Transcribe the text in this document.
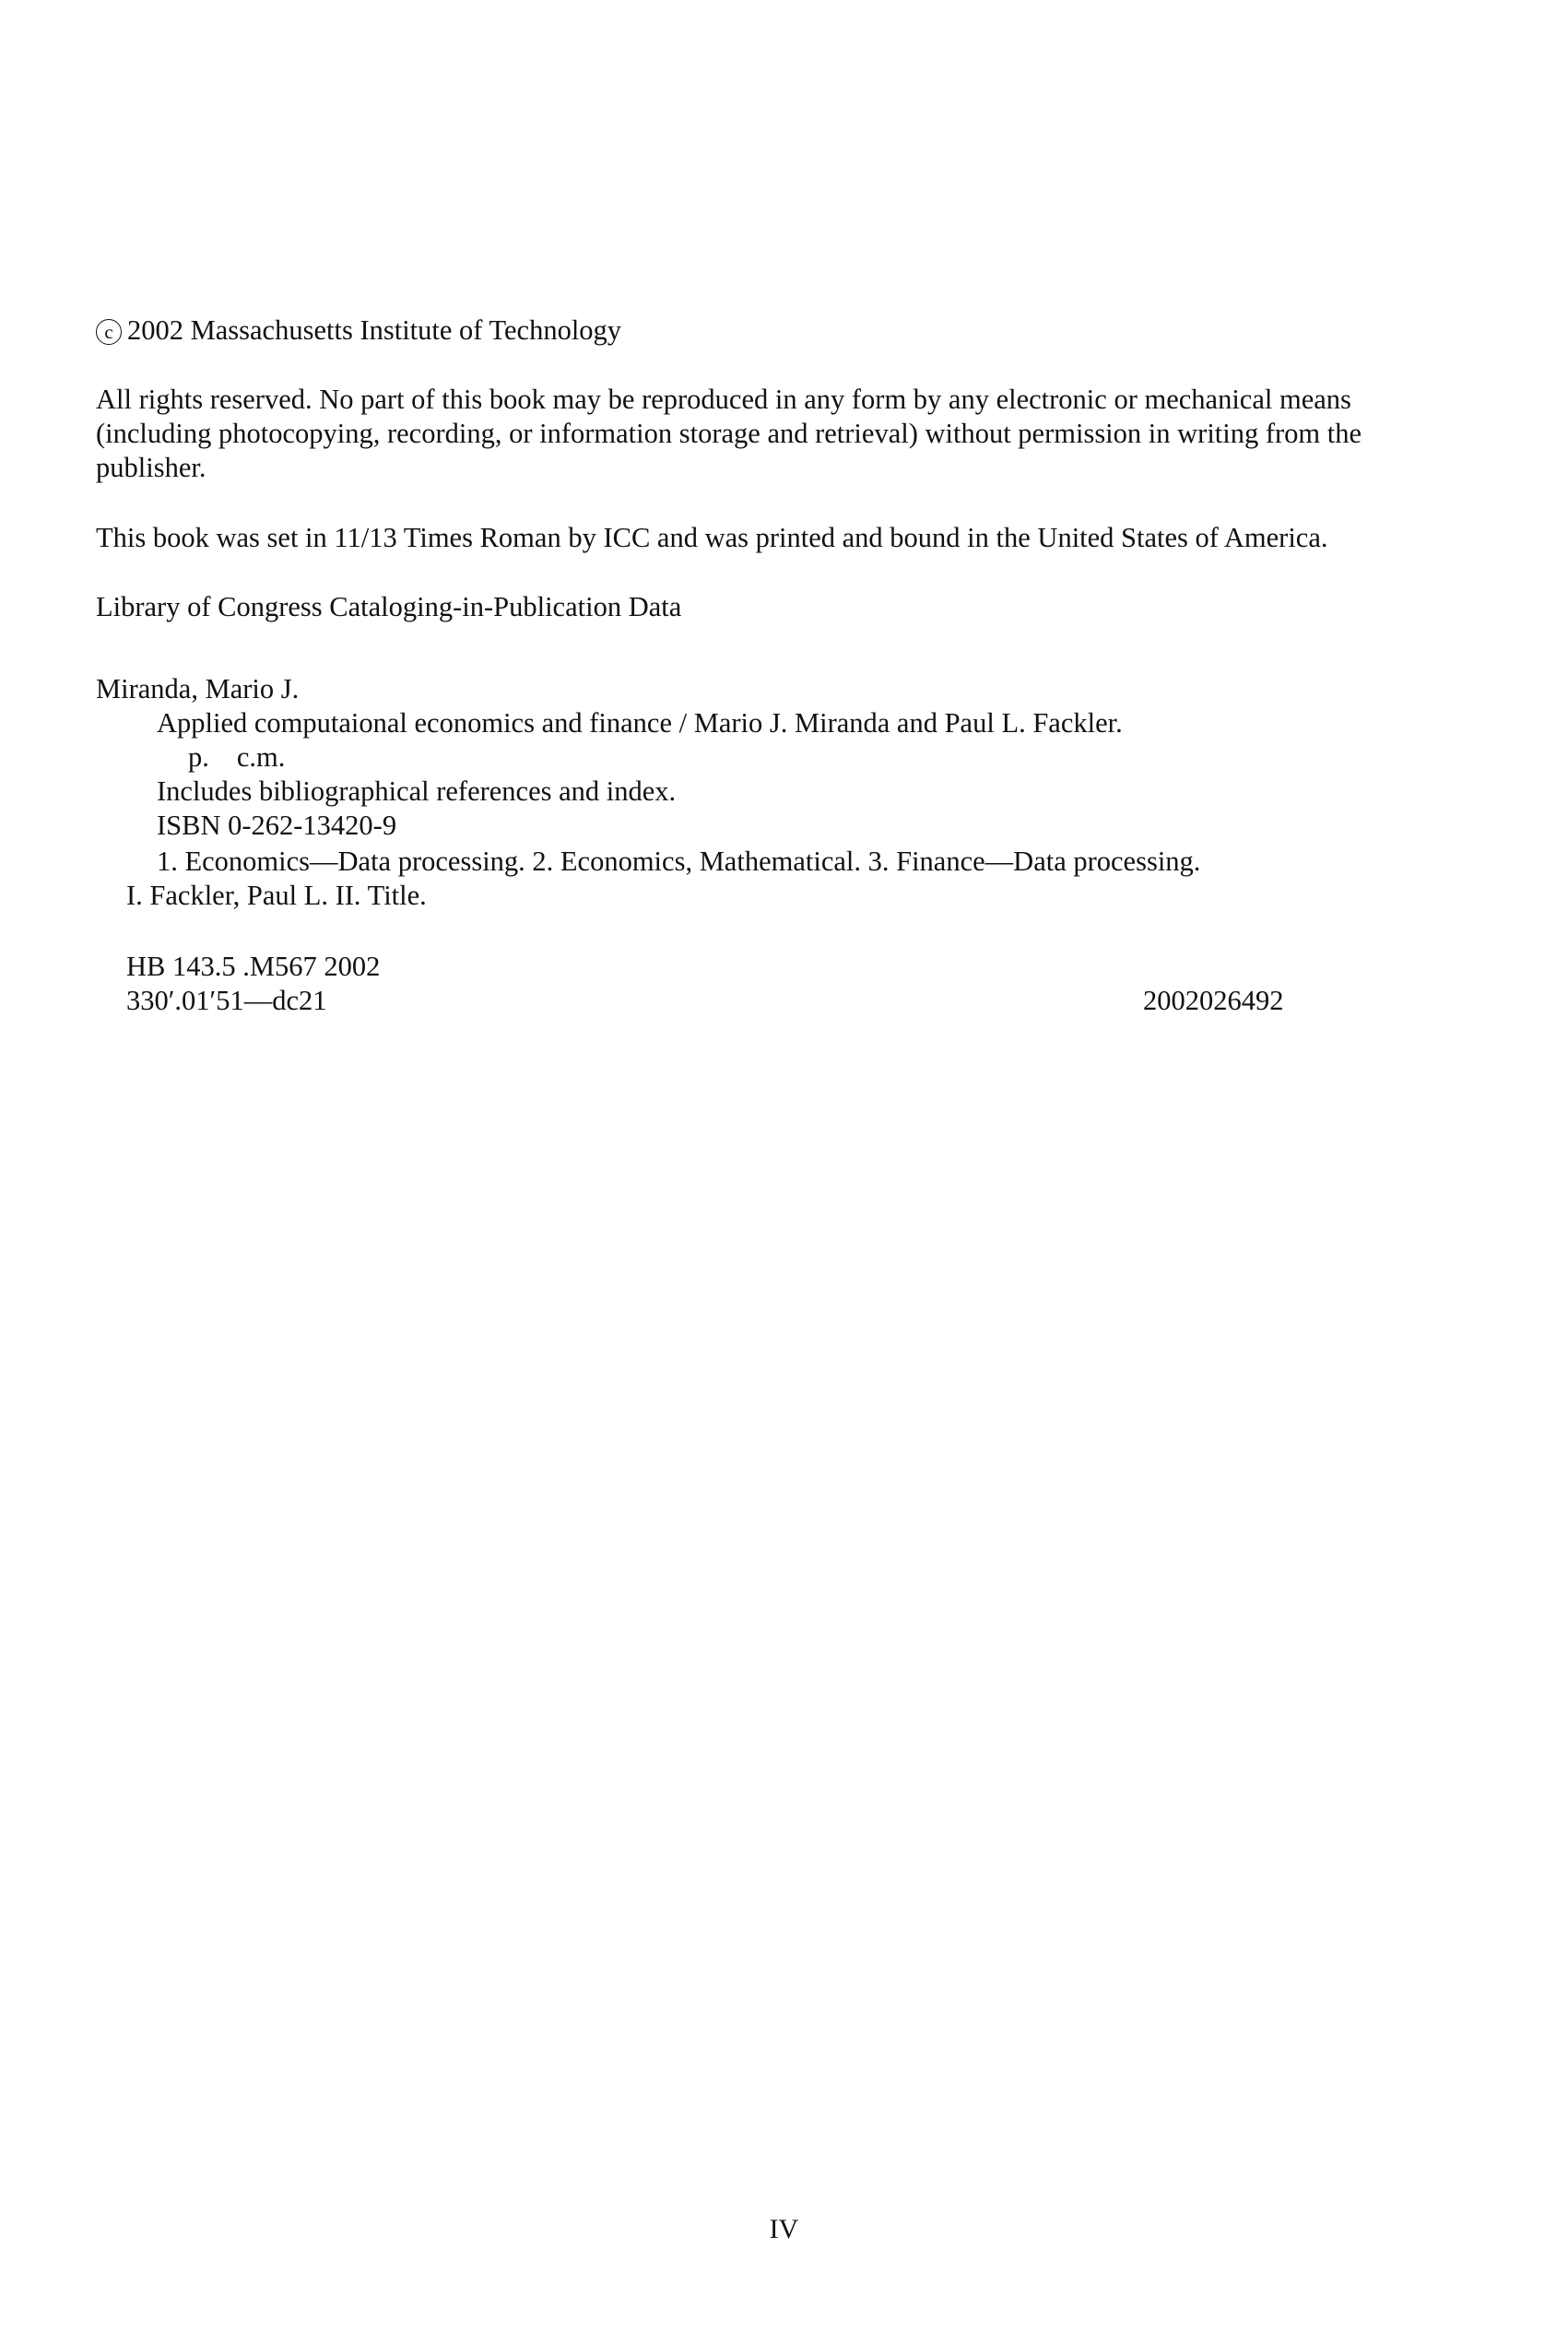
c 2002 Massachusetts Institute of Technology
All rights reserved. No part of this book may be reproduced in any form by any electronic or mechanical means
(including photocopying, recording, or information storage and retrieval) without permission in writing from the
publisher.
This book was set in 11/13 Times Roman by ICC and was printed and bound in the United States of America.
Library of Congress Cataloging-in-Publication Data
Miranda, Mario J.
Applied computaional economics and finance / Mario J. Miranda and Paul L. Fackler.
p. c.m.
Includes bibliographical references and index.
ISBN 0-262-13420-9
1. Economics—Data processing. 2. Economics, Mathematical. 3. Finance—Data processing.
I. Fackler, Paul L. II. Title.
HB 143.5 .M567 2002
330′.01′51—dc21	2002026492
IV
